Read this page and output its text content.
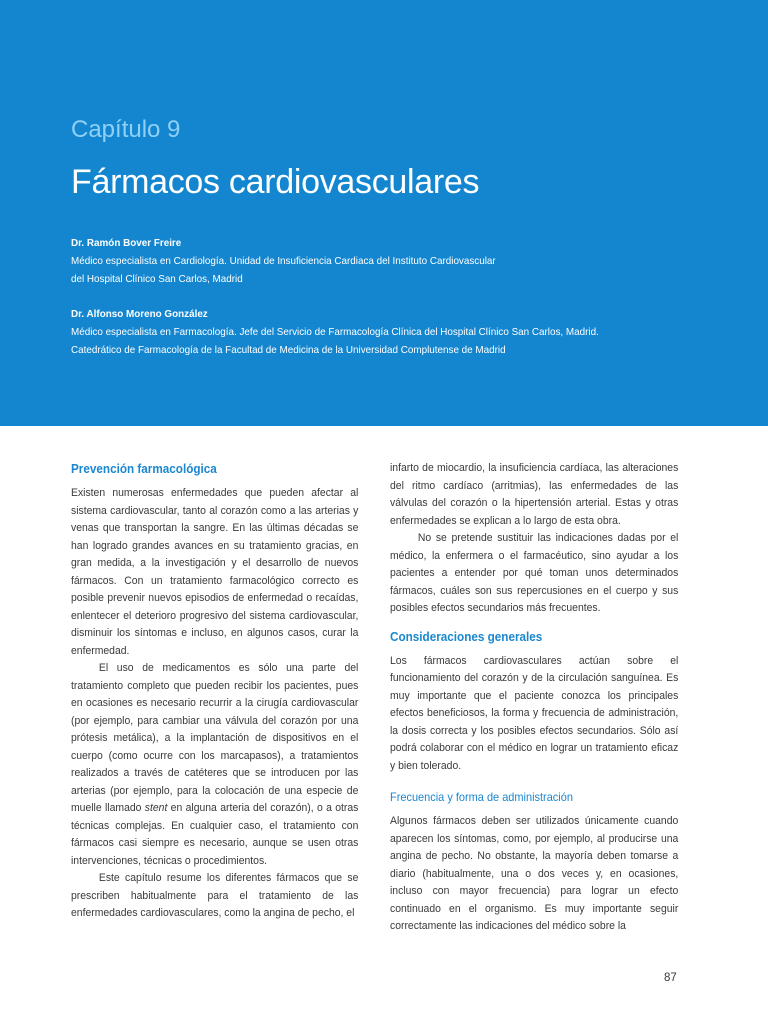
Capítulo 9
Fármacos cardiovasculares
Dr. Ramón Bover Freire
Médico especialista en Cardiología. Unidad de Insuficiencia Cardiaca del Instituto Cardiovascular
del Hospital Clínico San Carlos, Madrid
Dr. Alfonso Moreno González
Médico especialista en Farmacología. Jefe del Servicio de Farmacología Clínica del Hospital Clínico San Carlos, Madrid.
Catedrático de Farmacología de la Facultad de Medicina de la Universidad Complutense de Madrid
Prevención farmacológica

Existen numerosas enfermedades que pueden afectar al sistema cardiovascular, tanto al corazón como a las arterias y venas que transportan la sangre. En las últimas décadas se han logrado grandes avances en su tratamiento gracias, en gran medida, a la investigación y el desarrollo de nuevos fármacos. Con un tratamiento farmacológico correcto es posible prevenir nuevos episodios de enfermedad o recaídas, enlentecer el deterioro progresivo del sistema cardiovascular, disminuir los síntomas e incluso, en algunos casos, curar la enfermedad.

El uso de medicamentos es sólo una parte del tratamiento completo que pueden recibir los pacientes, pues en ocasiones es necesario recurrir a la cirugía cardiovascular (por ejemplo, para cambiar una válvula del corazón por una prótesis metálica), a la implantación de dispositivos en el cuerpo (como ocurre con los marcapasos), a tratamientos realizados a través de catéteres que se introducen por las arterias (por ejemplo, para la colocación de una especie de muelle llamado stent en alguna arteria del corazón), o a otras técnicas complejas. En cualquier caso, el tratamiento con fármacos casi siempre es necesario, aunque se usen otras intervenciones, técnicas o procedimientos.

Este capítulo resume los diferentes fármacos que se prescriben habitualmente para el tratamiento de las enfermedades cardiovasculares, como la angina de pecho, el

infarto de miocardio, la insuficiencia cardíaca, las alteraciones del ritmo cardíaco (arritmias), las enfermedades de las válvulas del corazón o la hipertensión arterial. Estas y otras enfermedades se explican a lo largo de esta obra.

No se pretende sustituir las indicaciones dadas por el médico, la enfermera o el farmacéutico, sino ayudar a los pacientes a entender por qué toman unos determinados fármacos, cuáles son sus repercusiones en el cuerpo y sus posibles efectos secundarios más frecuentes.

Consideraciones generales

Los fármacos cardiovasculares actúan sobre el funcionamiento del corazón y de la circulación sanguínea. Es muy importante que el paciente conozca los principales efectos beneficiosos, la forma y frecuencia de administración, la dosis correcta y los posibles efectos secundarios. Sólo así podrá colaborar con el médico en lograr un tratamiento eficaz y bien tolerado.

Frecuencia y forma de administración

Algunos fármacos deben ser utilizados únicamente cuando aparecen los síntomas, como, por ejemplo, al producirse una angina de pecho. No obstante, la mayoría deben tomarse a diario (habitualmente, una o dos veces y, en ocasiones, incluso con mayor frecuencia) para lograr un efecto continuado en el organismo. Es muy importante seguir correctamente las indicaciones del médico sobre la

87
